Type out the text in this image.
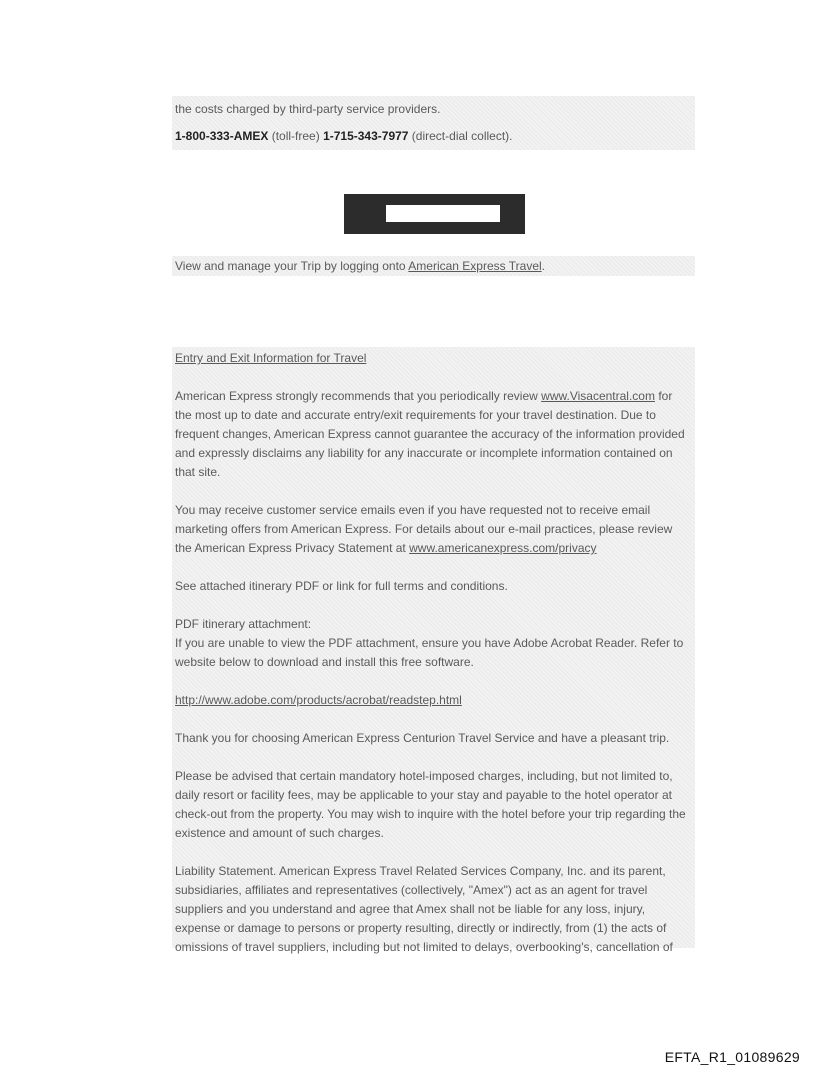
the costs charged by third-party service providers.
1-800-333-AMEX (toll-free) 1-715-343-7977 (direct-dial collect).
View and manage your Trip by logging onto American Express Travel.
Entry and Exit Information for Travel

American Express strongly recommends that you periodically review www.Visacentral.com for the most up to date and accurate entry/exit requirements for your travel destination. Due to frequent changes, American Express cannot guarantee the accuracy of the information provided and expressly disclaims any liability for any inaccurate or incomplete information contained on that site.

You may receive customer service emails even if you have requested not to receive email marketing offers from American Express. For details about our e-mail practices, please review the American Express Privacy Statement at www.americanexpress.com/privacy

See attached itinerary PDF or link for full terms and conditions.

PDF itinerary attachment:

If you are unable to view the PDF attachment, ensure you have Adobe Acrobat Reader. Refer to website below to download and install this free software.

http://www.adobe.com/products/acrobat/readstep.html

Thank you for choosing American Express Centurion Travel Service and have a pleasant trip.

Please be advised that certain mandatory hotel-imposed charges, including, but not limited to, daily resort or facility fees, may be applicable to your stay and payable to the hotel operator at check-out from the property. You may wish to inquire with the hotel before your trip regarding the existence and amount of such charges.

Liability Statement. American Express Travel Related Services Company, Inc. and its parent, subsidiaries, affiliates and representatives (collectively, "Amex") act as an agent for travel suppliers and you understand and agree that Amex shall not be liable for any loss, injury, expense or damage to persons or property resulting, directly or indirectly, from (1) the acts of omissions of travel suppliers, including but not limited to delays, overbooking's, cancellation of

EFTA_R1_01089629
